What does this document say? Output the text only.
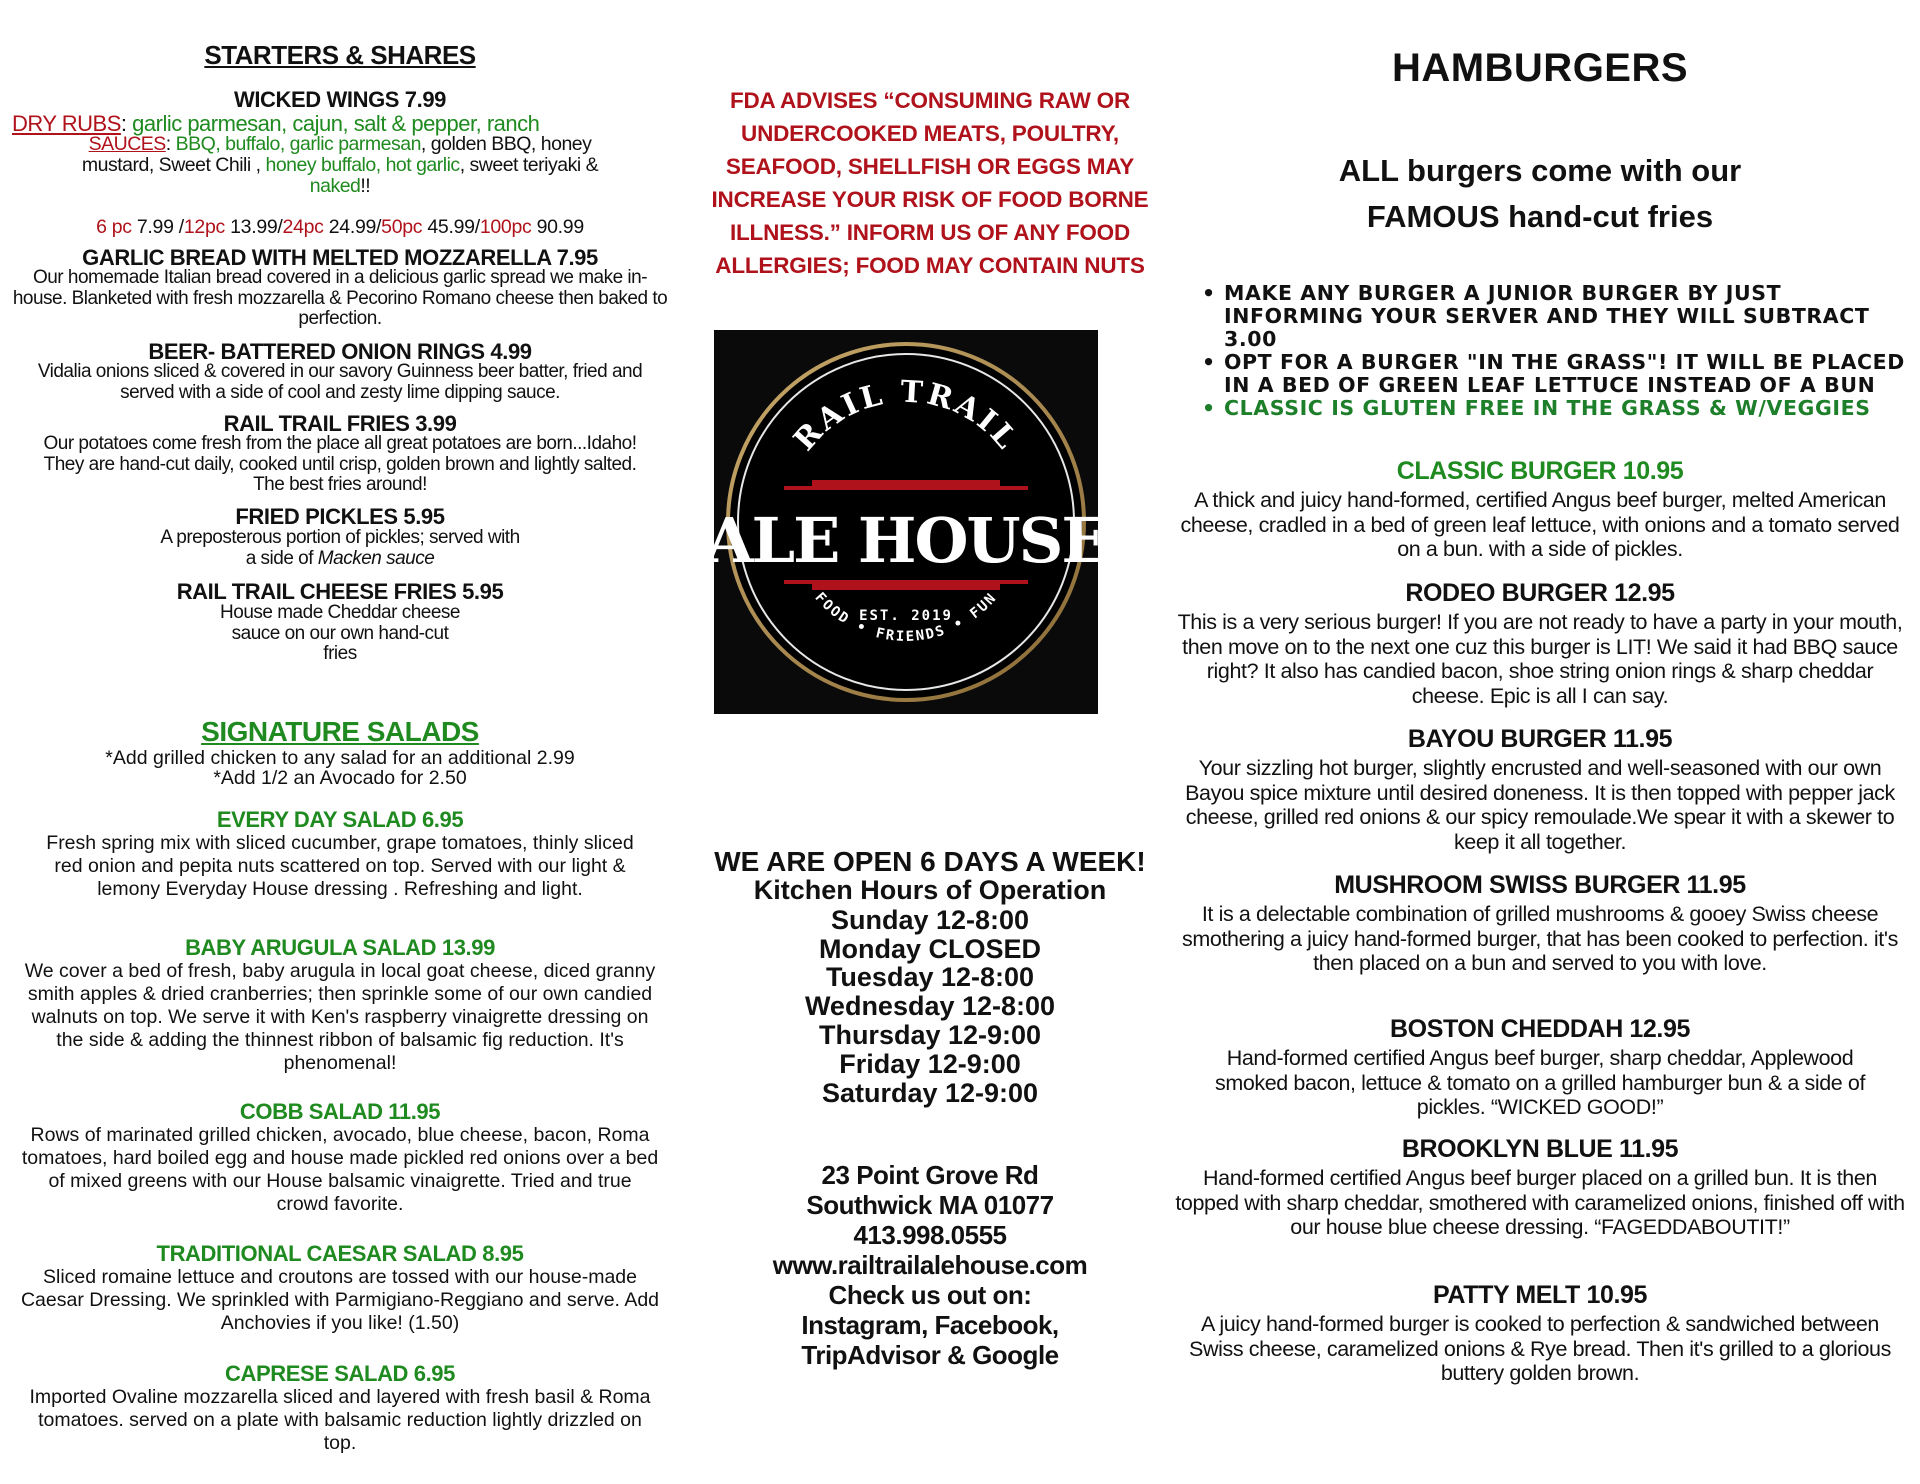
STARTERS & SHARES
WICKED WINGS 7.99
DRY RUBS: garlic parmesan, cajun, salt & pepper, ranch
SAUCES: BBQ, buffalo, garlic parmesan, golden BBQ, honey mustard, Sweet Chili , honey buffalo, hot garlic, sweet teriyaki & naked!!
6 pc 7.99 /12pc 13.99/24pc 24.99/50pc 45.99/100pc 90.99
GARLIC BREAD WITH MELTED MOZZARELLA 7.95
Our homemade Italian bread covered in a delicious garlic spread we make in-house. Blanketed with fresh mozzarella & Pecorino Romano cheese then baked to perfection.
BEER- BATTERED ONION RINGS 4.99
Vidalia onions sliced & covered in our savory Guinness beer batter, fried and served with a side of cool and zesty lime dipping sauce.
RAIL TRAIL FRIES 3.99
Our potatoes come fresh from the place all great potatoes are born...Idaho! They are hand-cut daily, cooked until crisp, golden brown and lightly salted. The best fries around!
FRIED PICKLES 5.95
A preposterous portion of pickles; served with
a side of Macken sauce
RAIL TRAIL CHEESE FRIES 5.95
House made Cheddar cheese sauce on our own hand-cut fries
SIGNATURE SALADS
*Add grilled chicken to any salad for an additional 2.99
*Add 1/2 an Avocado for 2.50
EVERY DAY SALAD 6.95
Fresh spring mix with sliced cucumber, grape tomatoes, thinly sliced red onion and pepita nuts scattered on top. Served with our light & lemony Everyday House dressing . Refreshing and light.
BABY ARUGULA SALAD 13.99
We cover a bed of fresh, baby arugula in local goat cheese, diced granny smith apples & dried cranberries; then sprinkle some of our own candied walnuts on top. We serve it with Ken's raspberry vinaigrette dressing on the side & adding the thinnest ribbon of balsamic fig reduction. It's phenomenal!
COBB SALAD 11.95
Rows of marinated grilled chicken, avocado, blue cheese, bacon, Roma tomatoes, hard boiled egg and house made pickled red onions over a bed of mixed greens with our House balsamic vinaigrette. Tried and true crowd favorite.
TRADITIONAL CAESAR SALAD 8.95
Sliced romaine lettuce and croutons are tossed with our house-made Caesar Dressing. We sprinkled with Parmigiano-Reggiano and serve. Add Anchovies if you like! (1.50)
CAPRESE SALAD 6.95
Imported Ovaline mozzarella sliced and layered with fresh basil & Roma tomatoes. served on a plate with balsamic reduction lightly drizzled on top.
FDA ADVISES “CONSUMING RAW OR UNDERCOOKED MEATS, POULTRY, SEAFOOD, SHELLFISH OR EGGS MAY INCREASE YOUR RISK OF FOOD BORNE ILLNESS.” INFORM US OF ANY FOOD ALLERGIES; FOOD MAY CONTAIN NUTS
RAIL TRAIL
ALE HOUSE
EST. 2019
FOOD • FRIENDS • FUN
WE ARE OPEN 6 DAYS A WEEK!
Kitchen Hours of Operation
Sunday 12-8:00
Monday CLOSED
Tuesday 12-8:00
Wednesday 12-8:00
Thursday 12-9:00
Friday 12-9:00
Saturday 12-9:00
23 Point Grove Rd
Southwick MA 01077
413.998.0555
www.railtrailalehouse.com
Check us out on:
Instagram, Facebook,
TripAdvisor & Google
HAMBURGERS
ALL burgers come with our
FAMOUS hand-cut fries
• MAKE ANY BURGER A JUNIOR BURGER BY JUST INFORMING YOUR SERVER AND THEY WILL SUBTRACT 3.00
• OPT FOR A BURGER "IN THE GRASS"! IT WILL BE PLACED IN A BED OF GREEN LEAF LETTUCE INSTEAD OF A BUN
• CLASSIC IS GLUTEN FREE IN THE GRASS & W/VEGGIES
CLASSIC BURGER 10.95
A thick and juicy hand-formed, certified Angus beef burger, melted American cheese, cradled in a bed of green leaf lettuce, with onions and a tomato served on a bun. with a side of pickles.
RODEO BURGER 12.95
This is a very serious burger! If you are not ready to have a party in your mouth, then move on to the next one cuz this burger is LIT! We said it had BBQ sauce right? It also has candied bacon, shoe string onion rings & sharp cheddar cheese. Epic is all I can say.
BAYOU BURGER 11.95
Your sizzling hot burger, slightly encrusted and well-seasoned with our own Bayou spice mixture until desired doneness. It is then topped with pepper jack cheese, grilled red onions & our spicy remoulade.We spear it with a skewer to keep it all together.
MUSHROOM SWISS BURGER 11.95
It is a delectable combination of grilled mushrooms & gooey Swiss cheese smothering a juicy hand-formed burger, that has been cooked to perfection. it's then placed on a bun and served to you with love.
BOSTON CHEDDAH 12.95
Hand-formed certified Angus beef burger, sharp cheddar, Applewood smoked bacon, lettuce & tomato on a grilled hamburger bun & a side of pickles. “WICKED GOOD!”
BROOKLYN BLUE 11.95
Hand-formed certified Angus beef burger placed on a grilled bun. It is then topped with sharp cheddar, smothered with caramelized onions, finished off with our house blue cheese dressing. “FAGEDDABOUTIT!”
PATTY MELT 10.95
A juicy hand-formed burger is cooked to perfection & sandwiched between Swiss cheese, caramelized onions & Rye bread. Then it's grilled to a glorious buttery golden brown.
